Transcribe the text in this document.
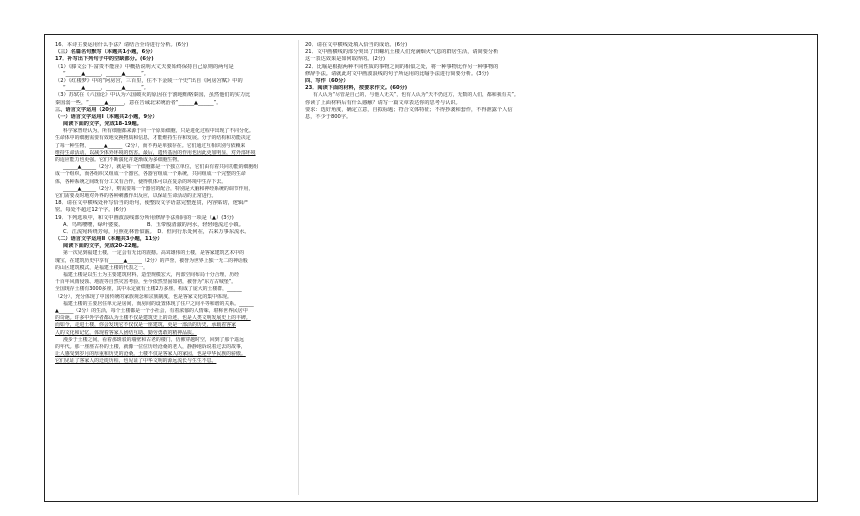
16．本诗主要运用什么手法？请结合全诗进行分析。(6分)
（三）名篇名句默写（本题共1小题，6分）
17．补写出下列句子中的空缺部分。(6分)
（1）《滕文公下·富贵不能淫》中概括说明大丈夫要始终保持自己原则的两句是
“______▲______，______▲______”。
（2）《红楼梦》中的“阿房宫，三百里，住不下金陵一个史”出自《阿房宫赋》中的
“______▲______，______▲______”。
（3）苏轼在《六国论》中认为六国破灭的原因在于割地贿赂秦国，虽然他们的实力比
秦国弱一些，“______▲______，意在告诫北宋统治者“______▲______”。
三、语言文字运用（20分）
（一）语言文字运用Ⅰ（本题共2小题，9分）
阅读下面的文字，完成18-19题。
科学家曾经认为，所有细胞都来源于同一个原始细胞，只是进化过程中出现了不同分化。
生命体中的细胞需要有效地交换物质和信息，才能维持生存和发展。分子的结构和功能决定
了每一种生物，______▲______（2分），而不再是单独存在。它们通过互相识别与依赖来
维持生命活动，以减少体外环境的伤害。最后，遗传基因的作用也因此更加明显，对外部环境
的适应能力也更强。它们不断演化并逐渐成为多细胞生物。
______▲______（2分），就是每一个细胞都是一个独立单位，它们由有着共同功能的细胞组
成一个组织，而各组织又组成一个器官，各器官组成一个系统，共同组成一个完整的生命
体，各种系统之间既有分工又有合作，使得机体可以在复杂的环境中生存下去。
______▲______（2分），则需要每一个器官的配合，特别是大脑和神经系统的调节作用，
它们需要及时地对外界的各种刺激作出反应，以保证生命活动的正常进行。
18．请在文中横线处补写恰当的语句，使整段文字语意完整连贯，内容贴切，逻辑严
密。每处不超过12个字。(6分)
19．下列选项中，和文中画波浪线部分所用修辞手法相同的一项是（▲）(3分)
A．鸟鸣嘤嘤，绿叶婆娑。　　　　　B．玉带般清澈的河水，轻轻地流过小镇。
C．江流宛转绕芳甸，月照花林皆似霰。　D．但问行乐处何在，古来万事东流水。
（二）语言文字运用Ⅱ（本题共3小题，11分）
阅读下面的文字，完成20-22题。
第一次见到福建土楼，一定会有无比的震撼。高耸雄伟的土楼，是客家建筑艺术中的
瑰宝，在建筑历史中享有______▲______（2分）的声誉，被誉为世界上独一无二的神话般
的山区建筑模式，是福建土楼的代表之一。
福建土楼是以生土为主要建筑材料，造型规模宏大，内部空间布局十分合理，历经
千百年风雨侵蚀、地震等自然灾害考验，至今依然坚固如初，被誉为“东方古城堡”。
全国现存土楼有3000多座，其中永定就有土楼2万多座，构成了庞大的土楼群，______
（2分），充分体现了中国传统的家族观念和宗族制度，也是客家文化的集中体现。
福建土楼的主要居住单元是房间，而房间的设置体现了住户之间平等和谐的关系。______
▲______（2分）的生活，每个土楼都是一个小社会，有着浓郁的人情味，堪称世界民居中
的奇葩。许多中外学者都认为土楼不仅是建筑史上的奇迹，也是人类文明发展史上的丰碑。
而如今，走进土楼，你会发现它不仅仅是一座建筑，更是一部活的历史，承载着客家
人的文化和记忆，体现着客家人团结互助、勤劳勇敢的精神品质。
漫步于土楼之间，看着那斑驳的墙壁和古老的楼门，仿佛穿越时空，回到了那个遥远
的年代。那一座座古朴的土楼，就像一位位历经沧桑的老人，静静地诉说着过去的故事，
让人感受到岁月的厚重和历史的沧桑。土楼不仅是客家人的家园，也是中华民族的骄傲。
它们见证了客家人的迁徙历程，也见证了中华文明的源远流长与生生不息。
20．请在文中横线处填入恰当的成语。(6分)
21．文中画横线的部分突出了田螺坑土楼人们充满烟火气息的群居生活，请简要分析
这一表达效果是如何取得的。(2分)
22．比喻是根据两种不同性质的事物之间的相似之处，将一种事物比作另一种事物的
修辞手法。请就此对文中画波浪线的句子所运用的比喻手法进行简要分析。(3分)
四、写作（60分）
23．阅读下面的材料，按要求作文。(60分)
有人认为“尽管是自己的，与他人无关”，也有人认为“天不仍这方，无数的人们，都和我有关”。
你读了上面材料后有什么感触？请写一篇文章表达你的思考与认识。
要求：选好角度，确定立意，自拟标题；符合文体特征；不得抄袭和套作，不得泄露个人信
息，不少于800字。
